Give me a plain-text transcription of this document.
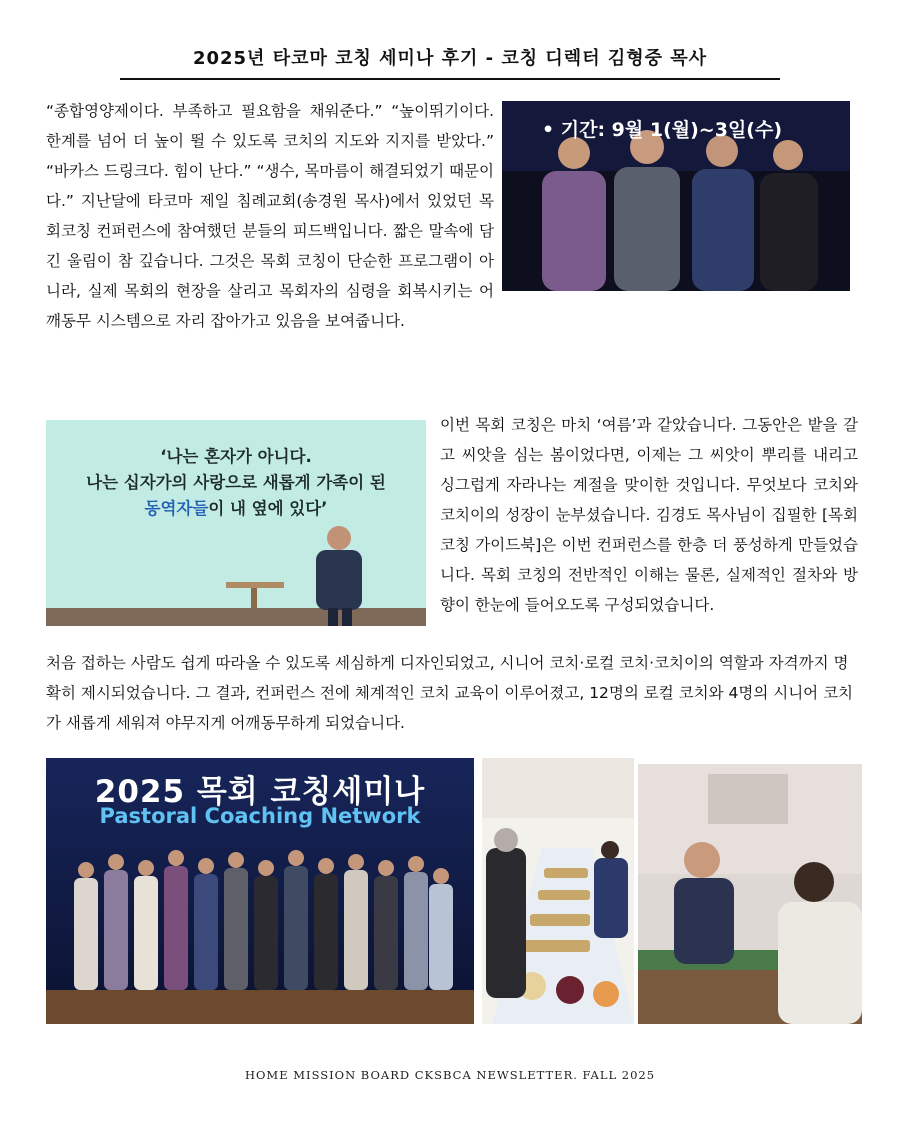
2025년 타코마 코칭 세미나 후기 - 코칭 디렉터 김형중 목사

“종합영양제이다. 부족하고 필요함을 채워준다.” “높이뛰기이다. 한계를 넘어 더 높이 뛸 수 있도록 코치의 지도와 지지를 받았다.” “바카스 드링크다. 힘이 난다.” “생수, 목마름이 해결되었기 때문이다.” 지난달에 타코마 제일 침례교회(송경원 목사)에서 있었던 목회코칭 컨퍼런스에 참여했던 분들의 피드백입니다. 짧은 말속에 담긴 울림이 참 깊습니다. 그것은 목회 코칭이 단순한 프로그램이 아니라, 실제 목회의 현장을 살리고 목회자의 심령을 회복시키는 어깨동무 시스템으로 자리 잡아가고 있음을 보여줍니다.

• 기간: 9월 1(월)~3일(수)
‘나는 혼자가 아니다.
나는 십자가의 사랑으로 새롭게 가족이 된
동역자들이 내 옆에 있다’

이번 목회 코칭은 마치 ‘여름’과 같았습니다. 그동안은 밭을 갈고 씨앗을 심는 봄이었다면, 이제는 그 씨앗이 뿌리를 내리고 싱그럽게 자라나는 계절을 맞이한 것입니다. 무엇보다 코치와 코치이의 성장이 눈부셨습니다. 김경도 목사님이 집필한 [목회 코칭 가이드북]은 이번 컨퍼런스를 한층 더 풍성하게 만들었습니다. 목회 코칭의 전반적인 이해는 물론, 실제적인 절차와 방향이 한눈에 들어오도록 구성되었습니다.

처음 접하는 사람도 쉽게 따라올 수 있도록 세심하게 디자인되었고, 시니어 코치·로컬 코치·코치이의 역할과 자격까지 명확히 제시되었습니다. 그 결과, 컨퍼런스 전에 체계적인 코치 교육이 이루어졌고, 12명의 로컬 코치와 4명의 시니어 코치가 새롭게 세워져 야무지게 어깨동무하게 되었습니다.

2025 목회 코칭세미나
Pastoral Coaching Network
HOME MISSION BOARD CKSBCA NEWSLETTER. FALL 2025
